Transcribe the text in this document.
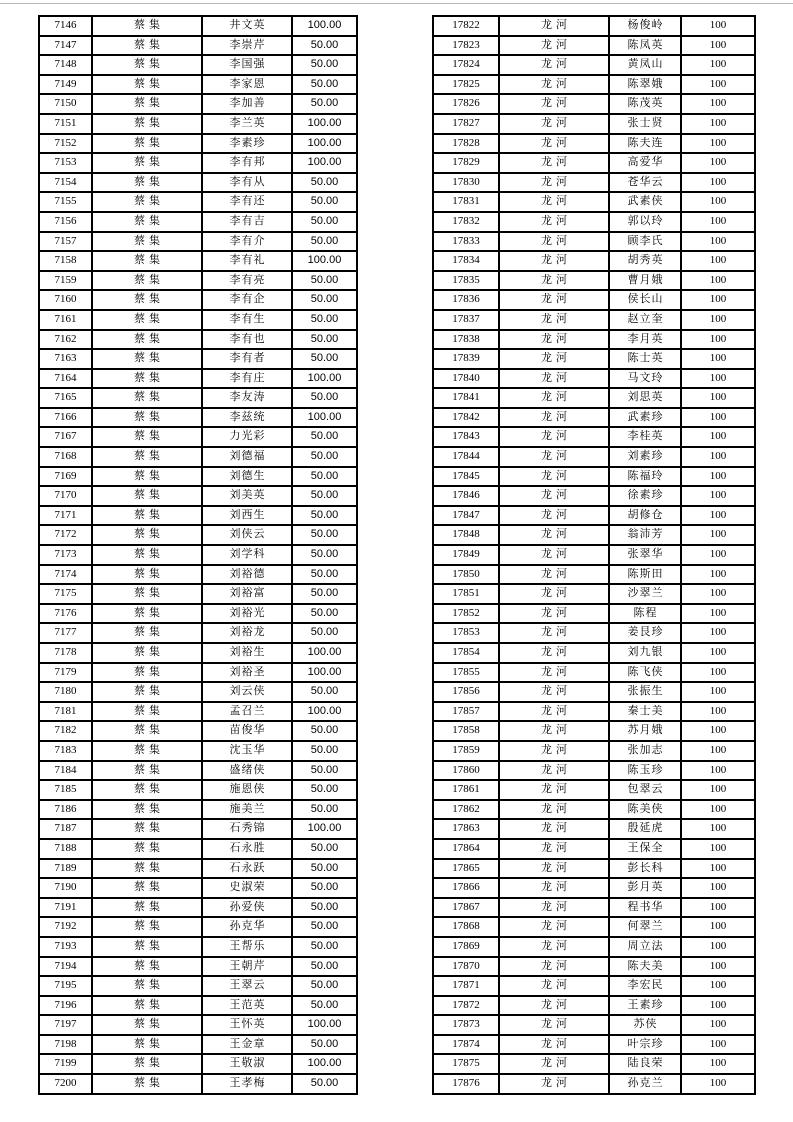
7146	蔡集	井文英	100.00
7147	蔡集	李崇芹	50.00
7148	蔡集	李国强	50.00
7149	蔡集	李家恩	50.00
7150	蔡集	李加善	50.00
7151	蔡集	李兰英	100.00
7152	蔡集	李素珍	100.00
7153	蔡集	李有邦	100.00
7154	蔡集	李有从	50.00
7155	蔡集	李有还	50.00
7156	蔡集	李有吉	50.00
7157	蔡集	李有介	50.00
7158	蔡集	李有礼	100.00
7159	蔡集	李有亮	50.00
7160	蔡集	李有企	50.00
7161	蔡集	李有生	50.00
7162	蔡集	李有也	50.00
7163	蔡集	李有者	50.00
7164	蔡集	李有庄	100.00
7165	蔡集	李友涛	50.00
7166	蔡集	李兹统	100.00
7167	蔡集	力光彩	50.00
7168	蔡集	刘德福	50.00
7169	蔡集	刘德生	50.00
7170	蔡集	刘美英	50.00
7171	蔡集	刘西生	50.00
7172	蔡集	刘侠云	50.00
7173	蔡集	刘学科	50.00
7174	蔡集	刘裕德	50.00
7175	蔡集	刘裕富	50.00
7176	蔡集	刘裕光	50.00
7177	蔡集	刘裕龙	50.00
7178	蔡集	刘裕生	100.00
7179	蔡集	刘裕圣	100.00
7180	蔡集	刘云侠	50.00
7181	蔡集	孟召兰	100.00
7182	蔡集	苗俊华	50.00
7183	蔡集	沈玉华	50.00
7184	蔡集	盛绪侠	50.00
7185	蔡集	施恩侠	50.00
7186	蔡集	施美兰	50.00
7187	蔡集	石秀锦	100.00
7188	蔡集	石永胜	50.00
7189	蔡集	石永跃	50.00
7190	蔡集	史淑荣	50.00
7191	蔡集	孙爱侠	50.00
7192	蔡集	孙克华	50.00
7193	蔡集	王帮乐	50.00
7194	蔡集	王朝芹	50.00
7195	蔡集	王翠云	50.00
7196	蔡集	王范英	50.00
7197	蔡集	王怀英	100.00
7198	蔡集	王金章	50.00
7199	蔡集	王敬淑	100.00
7200	蔡集	王孝梅	50.00
17822	龙河	杨俊岭	100
17823	龙河	陈凤英	100
17824	龙河	黄凤山	100
17825	龙河	陈翠娥	100
17826	龙河	陈茂英	100
17827	龙河	张士贤	100
17828	龙河	陈夫连	100
17829	龙河	高爱华	100
17830	龙河	苍华云	100
17831	龙河	武素侠	100
17832	龙河	郭以玲	100
17833	龙河	顾李氏	100
17834	龙河	胡秀英	100
17835	龙河	曹月娥	100
17836	龙河	侯长山	100
17837	龙河	赵立奎	100
17838	龙河	李月英	100
17839	龙河	陈士英	100
17840	龙河	马文玲	100
17841	龙河	刘思英	100
17842	龙河	武素珍	100
17843	龙河	李桂英	100
17844	龙河	刘素珍	100
17845	龙河	陈福玲	100
17846	龙河	徐素珍	100
17847	龙河	胡修仓	100
17848	龙河	翁沛芳	100
17849	龙河	张翠华	100
17850	龙河	陈斯田	100
17851	龙河	沙翠兰	100
17852	龙河	陈程	100
17853	龙河	姜艮珍	100
17854	龙河	刘九银	100
17855	龙河	陈飞侠	100
17856	龙河	张振生	100
17857	龙河	秦士美	100
17858	龙河	苏月娥	100
17859	龙河	张加志	100
17860	龙河	陈玉珍	100
17861	龙河	包翠云	100
17862	龙河	陈美侠	100
17863	龙河	殷延虎	100
17864	龙河	王保全	100
17865	龙河	彭长科	100
17866	龙河	彭月英	100
17867	龙河	程书华	100
17868	龙河	何翠兰	100
17869	龙河	周立法	100
17870	龙河	陈夫美	100
17871	龙河	李宏民	100
17872	龙河	王素珍	100
17873	龙河	苏侠	100
17874	龙河	叶宗珍	100
17875	龙河	陆良荣	100
17876	龙河	孙克兰	100
